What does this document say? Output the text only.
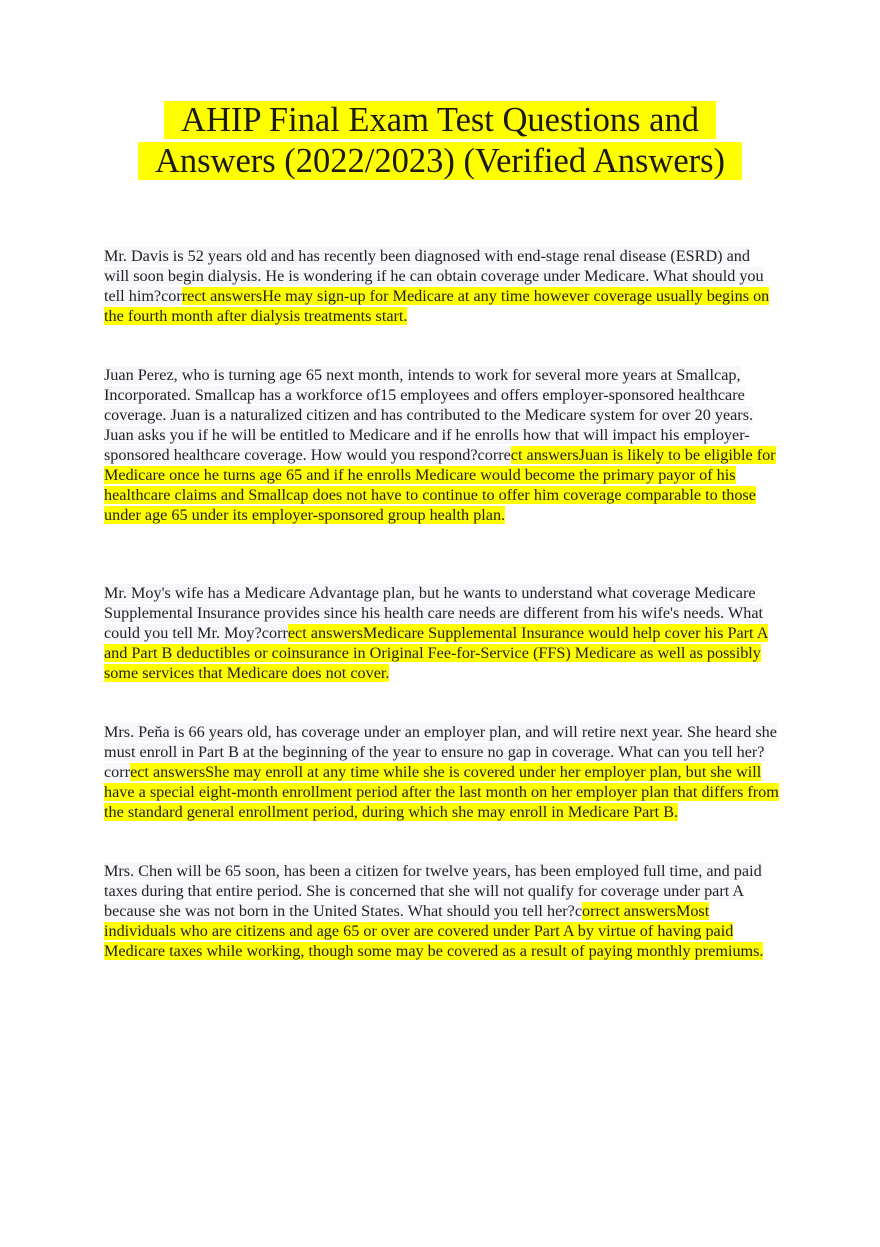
AHIP Final Exam Test Questions and
Answers (2022/2023) (Verified Answers)

Mr. Davis is 52 years old and has recently been diagnosed with end-stage renal disease (ESRD) and will soon begin dialysis. He is wondering if he can obtain coverage under Medicare. What should you tell him?correct answersHe may sign-up for Medicare at any time however coverage usually begins on the fourth month after dialysis treatments start.

Juan Perez, who is turning age 65 next month, intends to work for several more years at Smallcap, Incorporated. Smallcap has a workforce of15 employees and offers employer-sponsored healthcare coverage. Juan is a naturalized citizen and has contributed to the Medicare system for over 20 years. Juan asks you if he will be entitled to Medicare and if he enrolls how that will impact his employer-sponsored healthcare coverage. How would you respond?correct answersJuan is likely to be eligible for Medicare once he turns age 65 and if he enrolls Medicare would become the primary payor of his healthcare claims and Smallcap does not have to continue to offer him coverage comparable to those under age 65 under its employer-sponsored group health plan.

Mr. Moy's wife has a Medicare Advantage plan, but he wants to understand what coverage Medicare Supplemental Insurance provides since his health care needs are different from his wife's needs. What could you tell Mr. Moy?correct answersMedicare Supplemental Insurance would help cover his Part A and Part B deductibles or coinsurance in Original Fee-for-Service (FFS) Medicare as well as possibly some services that Medicare does not cover.

Mrs. Peňa is 66 years old, has coverage under an employer plan, and will retire next year. She heard she must enroll in Part B at the beginning of the year to ensure no gap in coverage. What can you tell her?correct answersShe may enroll at any time while she is covered under her employer plan, but she will have a special eight-month enrollment period after the last month on her employer plan that differs from the standard general enrollment period, during which she may enroll in Medicare Part B.

Mrs. Chen will be 65 soon, has been a citizen for twelve years, has been employed full time, and paid taxes during that entire period. She is concerned that she will not qualify for coverage under part A because she was not born in the United States. What should you tell her?correct answersMost individuals who are citizens and age 65 or over are covered under Part A by virtue of having paid Medicare taxes while working, though some may be covered as a result of paying monthly premiums.
